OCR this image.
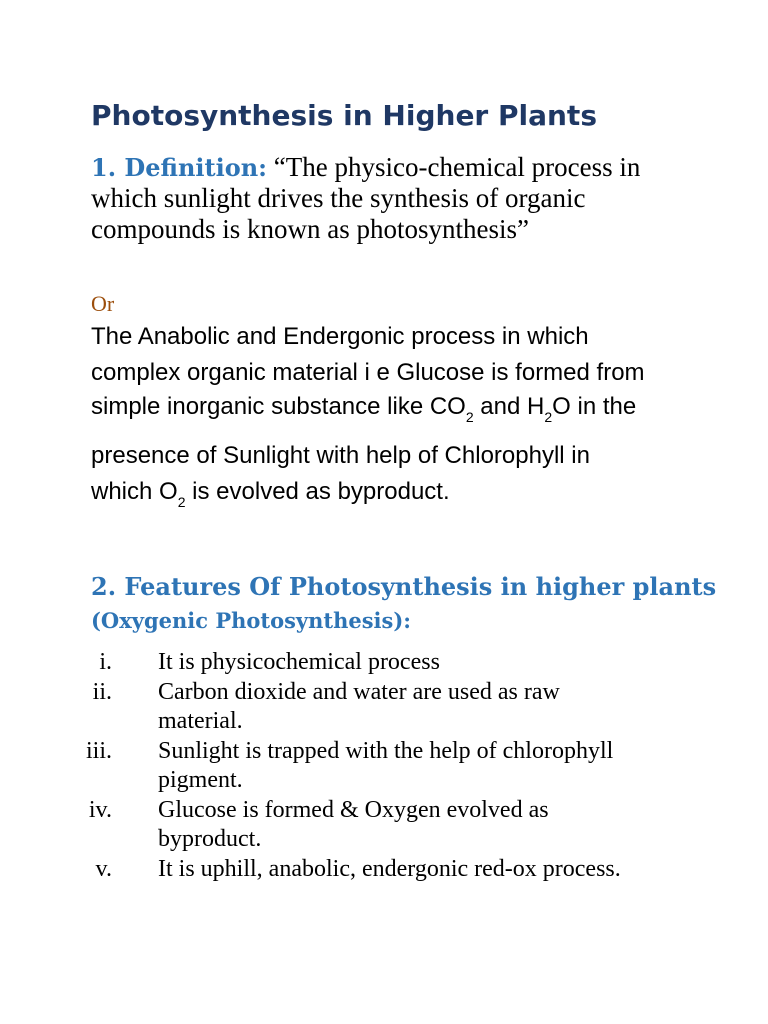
Photosynthesis in Higher Plants

1. Definition: “The physico-chemical process in which sunlight drives the synthesis of organic compounds is known as photosynthesis”

Or

The Anabolic and Endergonic process in which
complex organic material i e Glucose is formed from
simple inorganic substance like $CO_2$ and $H_2O$ in the
presence of Sunlight with help of Chlorophyll in
which $O_2$ is evolved as byproduct.
2. Features Of Photosynthesis in higher plants (Oxygenic Photosynthesis):
i. It is physicochemical process
ii. Carbon dioxide and water are used as raw material.
iii. Sunlight is trapped with the help of chlorophyll pigment.
iv. Glucose is formed & Oxygen evolved as byproduct.
v. It is uphill, anabolic, endergonic red-ox process.
